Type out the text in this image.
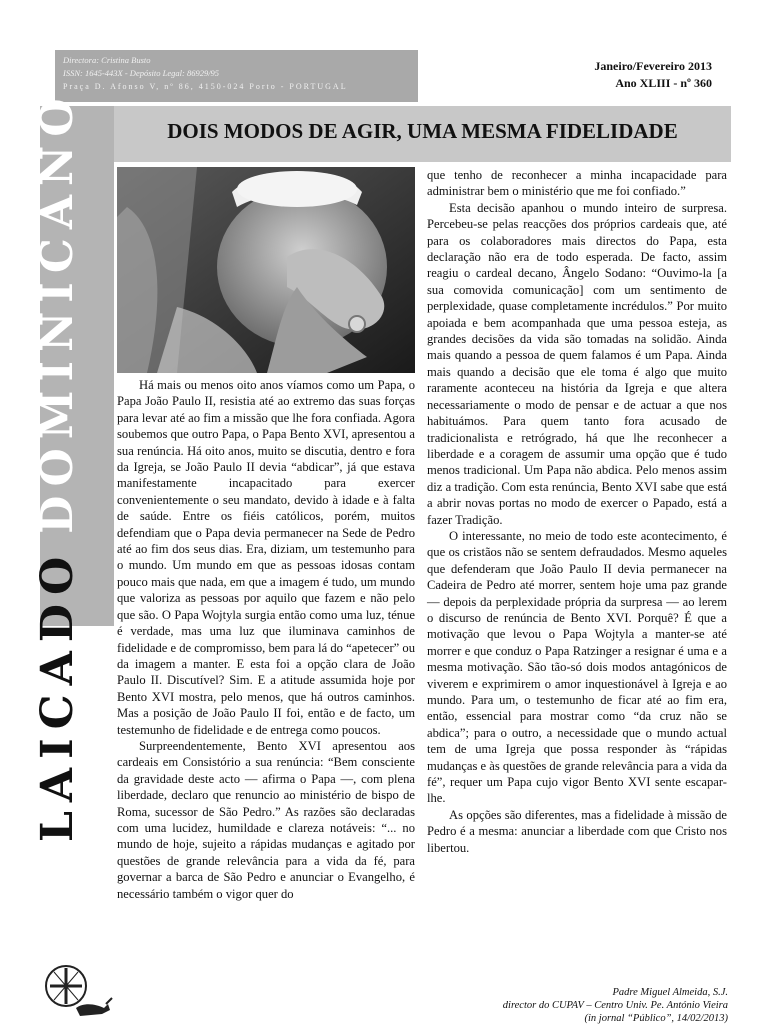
Directora: Cristina Busto
ISSN: 1645-443X - Depósito Legal: 86929/95
Praça D. Afonso V, nº 86, 4150-024 Porto - PORTUGAL
Janeiro/Fevereiro 2013
Ano XLIII - nº 360
LAICADODOMINICANO	DOIS MODOS DE AGIR, UMA MESMA FIDELIDADE

Há mais ou menos oito anos víamos como um Papa, o Papa João Paulo II, resistia até ao extremo das suas forças para levar até ao fim a missão que lhe fora confiada. Agora soubemos que outro Papa, o Papa Bento XVI, apresentou a sua renúncia. Há oito anos, muito se discutia, dentro e fora da Igreja, se João Paulo II devia “abdicar”, já que estava manifestamente incapacitado para exercer convenientemente o seu mandato, devido à idade e à falta de saúde. Entre os fiéis católicos, porém, muitos defendiam que o Papa devia permanecer na Sede de Pedro até ao fim dos seus dias. Era, diziam, um testemunho para o mundo. Um mundo em que as pessoas idosas contam pouco mais que nada, em que a imagem é tudo, um mundo que valoriza as pessoas por aquilo que fazem e não pelo que são. O Papa Wojtyla surgia então como uma luz, ténue é verdade, mas uma luz que iluminava caminhos de fidelidade e de compromisso, bem para lá do “apetecer” ou da imagem a manter. E esta foi a opção clara de João Paulo II. Discutível? Sim. E a atitude assumida hoje por Bento XVI mostra, pelo menos, que há outros caminhos. Mas a posição de João Paulo II foi, então e de facto, um testemunho de fidelidade e de entrega como poucos.

Surpreendentemente, Bento XVI apresentou aos cardeais em Consistório a sua renúncia: “Bem consciente da gravidade deste acto — afirma o Papa —, com plena liberdade, declaro que renuncio ao ministério de bispo de Roma, sucessor de São Pedro.” As razões são declaradas com uma lucidez, humildade e clareza notáveis: “... no mundo de hoje, sujeito a rápidas mudanças e agitado por questões de grande relevância para a vida da fé, para governar a barca de São Pedro e anunciar o Evangelho, é necessário também o vigor quer do

que tenho de reconhecer a minha incapacidade para administrar bem o ministério que me foi confiado.”

Esta decisão apanhou o mundo inteiro de surpresa. Percebeu-se pelas reacções dos próprios cardeais que, até para os colaboradores mais directos do Papa, esta declaração não era de todo esperada. De facto, assim reagiu o cardeal decano, Ângelo Sodano: “Ouvimo-la [a sua comovida comunicação] com um sentimento de perplexidade, quase completamente incrédulos.” Por muito apoiada e bem acompanhada que uma pessoa esteja, as grandes decisões da vida são tomadas na solidão. Ainda mais quando a pessoa de quem falamos é um Papa. Ainda mais quando a decisão que ele toma é algo que muito raramente aconteceu na história da Igreja e que altera necessariamente o modo de pensar e de actuar a que nos habituámos. Para quem tanto fora acusado de tradicionalista e retrógrado, há que lhe reconhecer a liberdade e a coragem de assumir uma opção que é tudo menos tradicional. Um Papa não abdica. Pelo menos assim diz a tradição. Com esta renúncia, Bento XVI sabe que está a abrir novas portas no modo de exercer o Papado, está a fazer Tradição.

O interessante, no meio de todo este acontecimento, é que os cristãos não se sentem defraudados. Mesmo aqueles que defenderam que João Paulo II devia permanecer na Cadeira de Pedro até morrer, sentem hoje uma paz grande — depois da perplexidade própria da surpresa — ao lerem o discurso de renúncia de Bento XVI. Porquê? É que a motivação que levou o Papa Wojtyla a manter-se até morrer e que conduz o Papa Ratzinger a resignar é uma e a mesma motivação. São tão-só dois modos antagónicos de viverem e exprimirem o amor inquestionável à Igreja e ao mundo. Para um, o testemunho de ficar até ao fim era, então, essencial para mostrar como “da cruz não se abdica”; para o outro, a necessidade que o mundo actual tem de uma Igreja que possa responder às “rápidas mudanças e às questões de grande relevância para a vida da fé”, requer um Papa cujo vigor Bento XVI sente escapar-lhe.

As opções são diferentes, mas a fidelidade à missão de Pedro é a mesma: anunciar a liberdade com que Cristo nos libertou.

Padre Miguel Almeida, S.J.
director do CUPAV – Centro Univ. Pe. António Vieira
(in jornal “Público”, 14/02/2013)
